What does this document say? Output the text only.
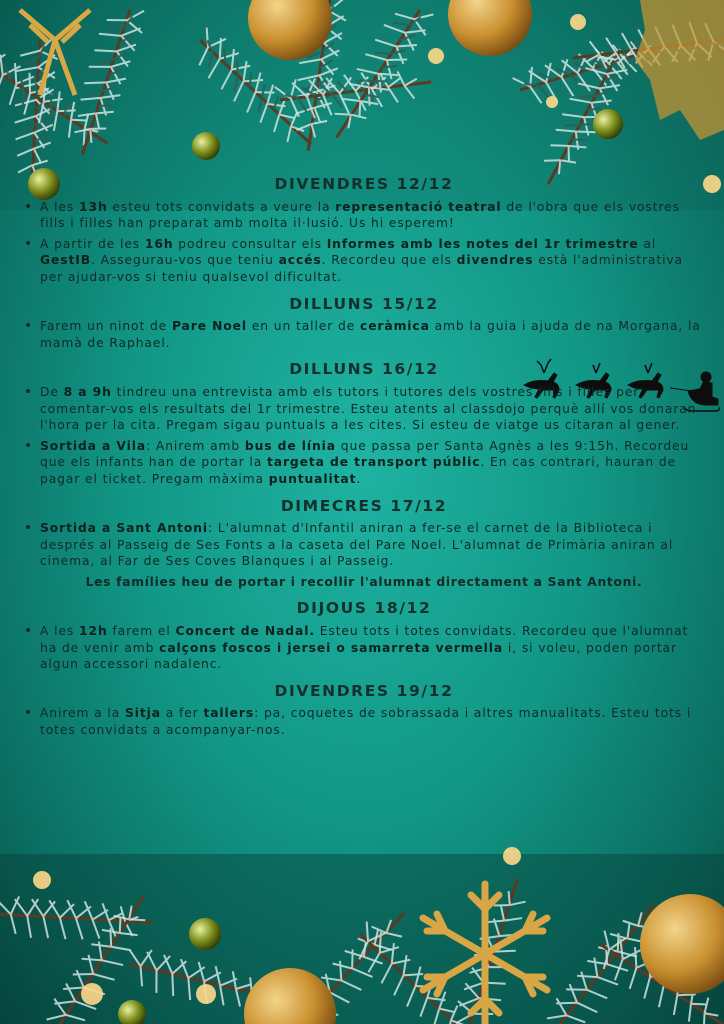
DIVENDRES 12/12
• A les 13h esteu tots convidats a veure la representació teatral de l'obra que els vostres fills i filles han preparat amb molta il·lusió. Us hi esperem!
• A partir de les 16h podreu consultar els Informes amb les notes del 1r trimestre al GestIB. Assegurau-vos que teniu accés. Recordeu que els divendres està l'administrativa per ajudar-vos si teniu qualsevol dificultat.
DILLUNS 15/12
• Farem un ninot de Pare Noel en un taller de ceràmica amb la guia i ajuda de na Morgana, la mamà de Raphael.
DILLUNS 16/12
• De 8 a 9h tindreu una entrevista amb els tutors i tutores dels vostres fills i filles per comentar-vos els resultats del 1r trimestre. Esteu atents al classdojo perquè allí vos donaran l'hora per la cita. Pregam sigau puntuals a les cites. Si esteu de viatge us citaran al gener.
• Sortida a Vila: Anirem amb bus de línia que passa per Santa Agnès a les 9:15h. Recordeu que els infants han de portar la targeta de transport públic. En cas contrari, hauran de pagar el ticket. Pregam màxima puntualitat.
DIMECRES 17/12
• Sortida a Sant Antoni: L'alumnat d'Infantil aniran a fer-se el carnet de la Biblioteca i després al Passeig de Ses Fonts a la caseta del Pare Noel. L'alumnat de Primària aniran al cinema, al Far de Ses Coves Blanques i al Passeig.
Les famílies heu de portar i recollir l'alumnat directament a Sant Antoni.
DIJOUS 18/12
• A les 12h farem el Concert de Nadal. Esteu tots i totes convidats. Recordeu que l'alumnat ha de venir amb calçons foscos i jersei o samarreta vermella i, si voleu, poden portar algun accessori nadalenc.
DIVENDRES 19/12
• Anirem a la Sitja a fer tallers: pa, coquetes de sobrassada i altres manualitats. Esteu tots i totes convidats a acompanyar-nos.
